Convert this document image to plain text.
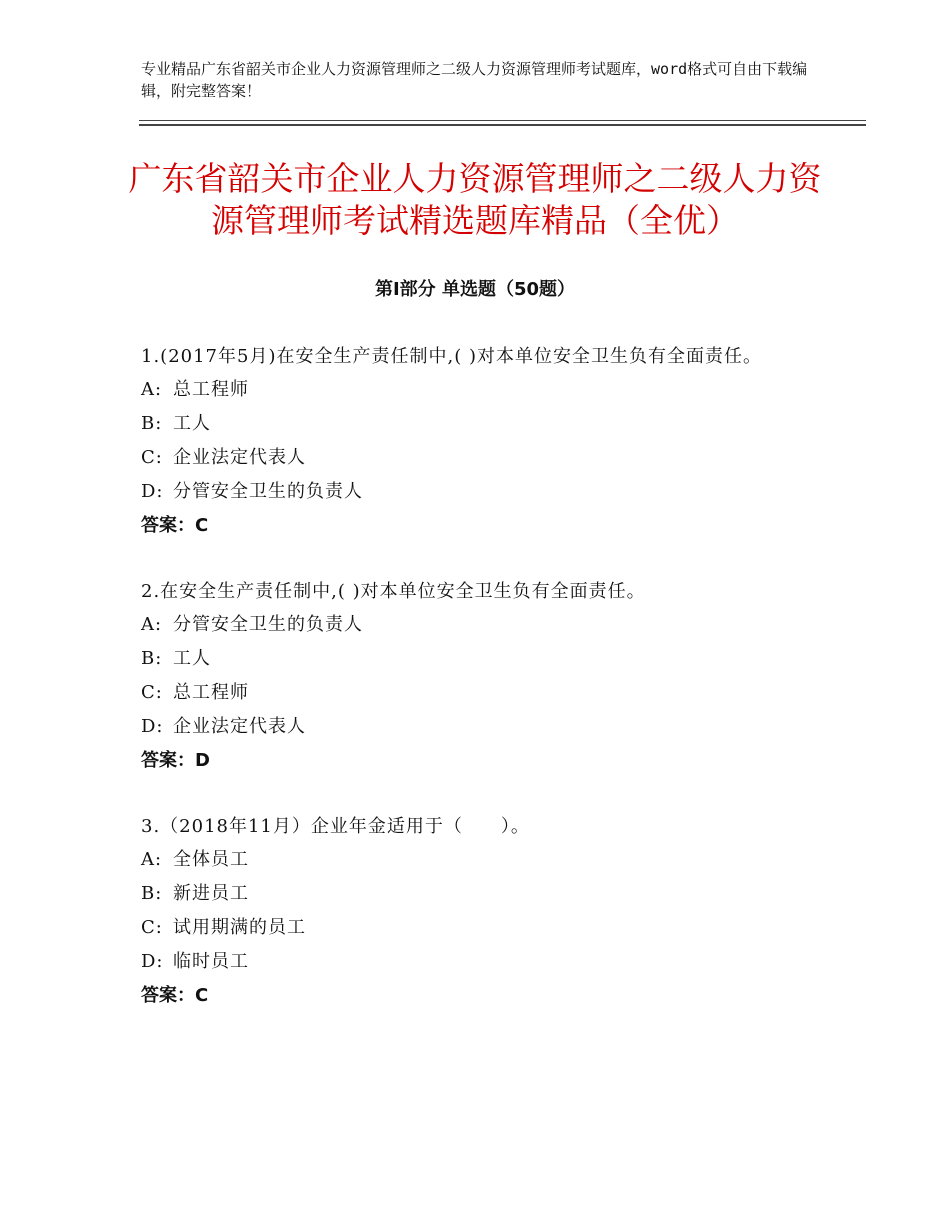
专业精品广东省韶关市企业人力资源管理师之二级人力资源管理师考试题库，word格式可自由下载编辑，附完整答案！
广东省韶关市企业人力资源管理师之二级人力资源管理师考试精选题库精品（全优）
第Ⅰ部分 单选题（50题）
1.(2017年5月)在安全生产责任制中,( )对本单位安全卫生负有全面责任。
A: 总工程师
B: 工人
C: 企业法定代表人
D: 分管安全卫生的负责人
答案：C
2.在安全生产责任制中,( )对本单位安全卫生负有全面责任。
A: 分管安全卫生的负责人
B: 工人
C: 总工程师
D: 企业法定代表人
答案：D
3.（2018年11月）企业年金适用于（　　）。
A: 全体员工
B: 新进员工
C: 试用期满的员工
D: 临时员工
答案：C
